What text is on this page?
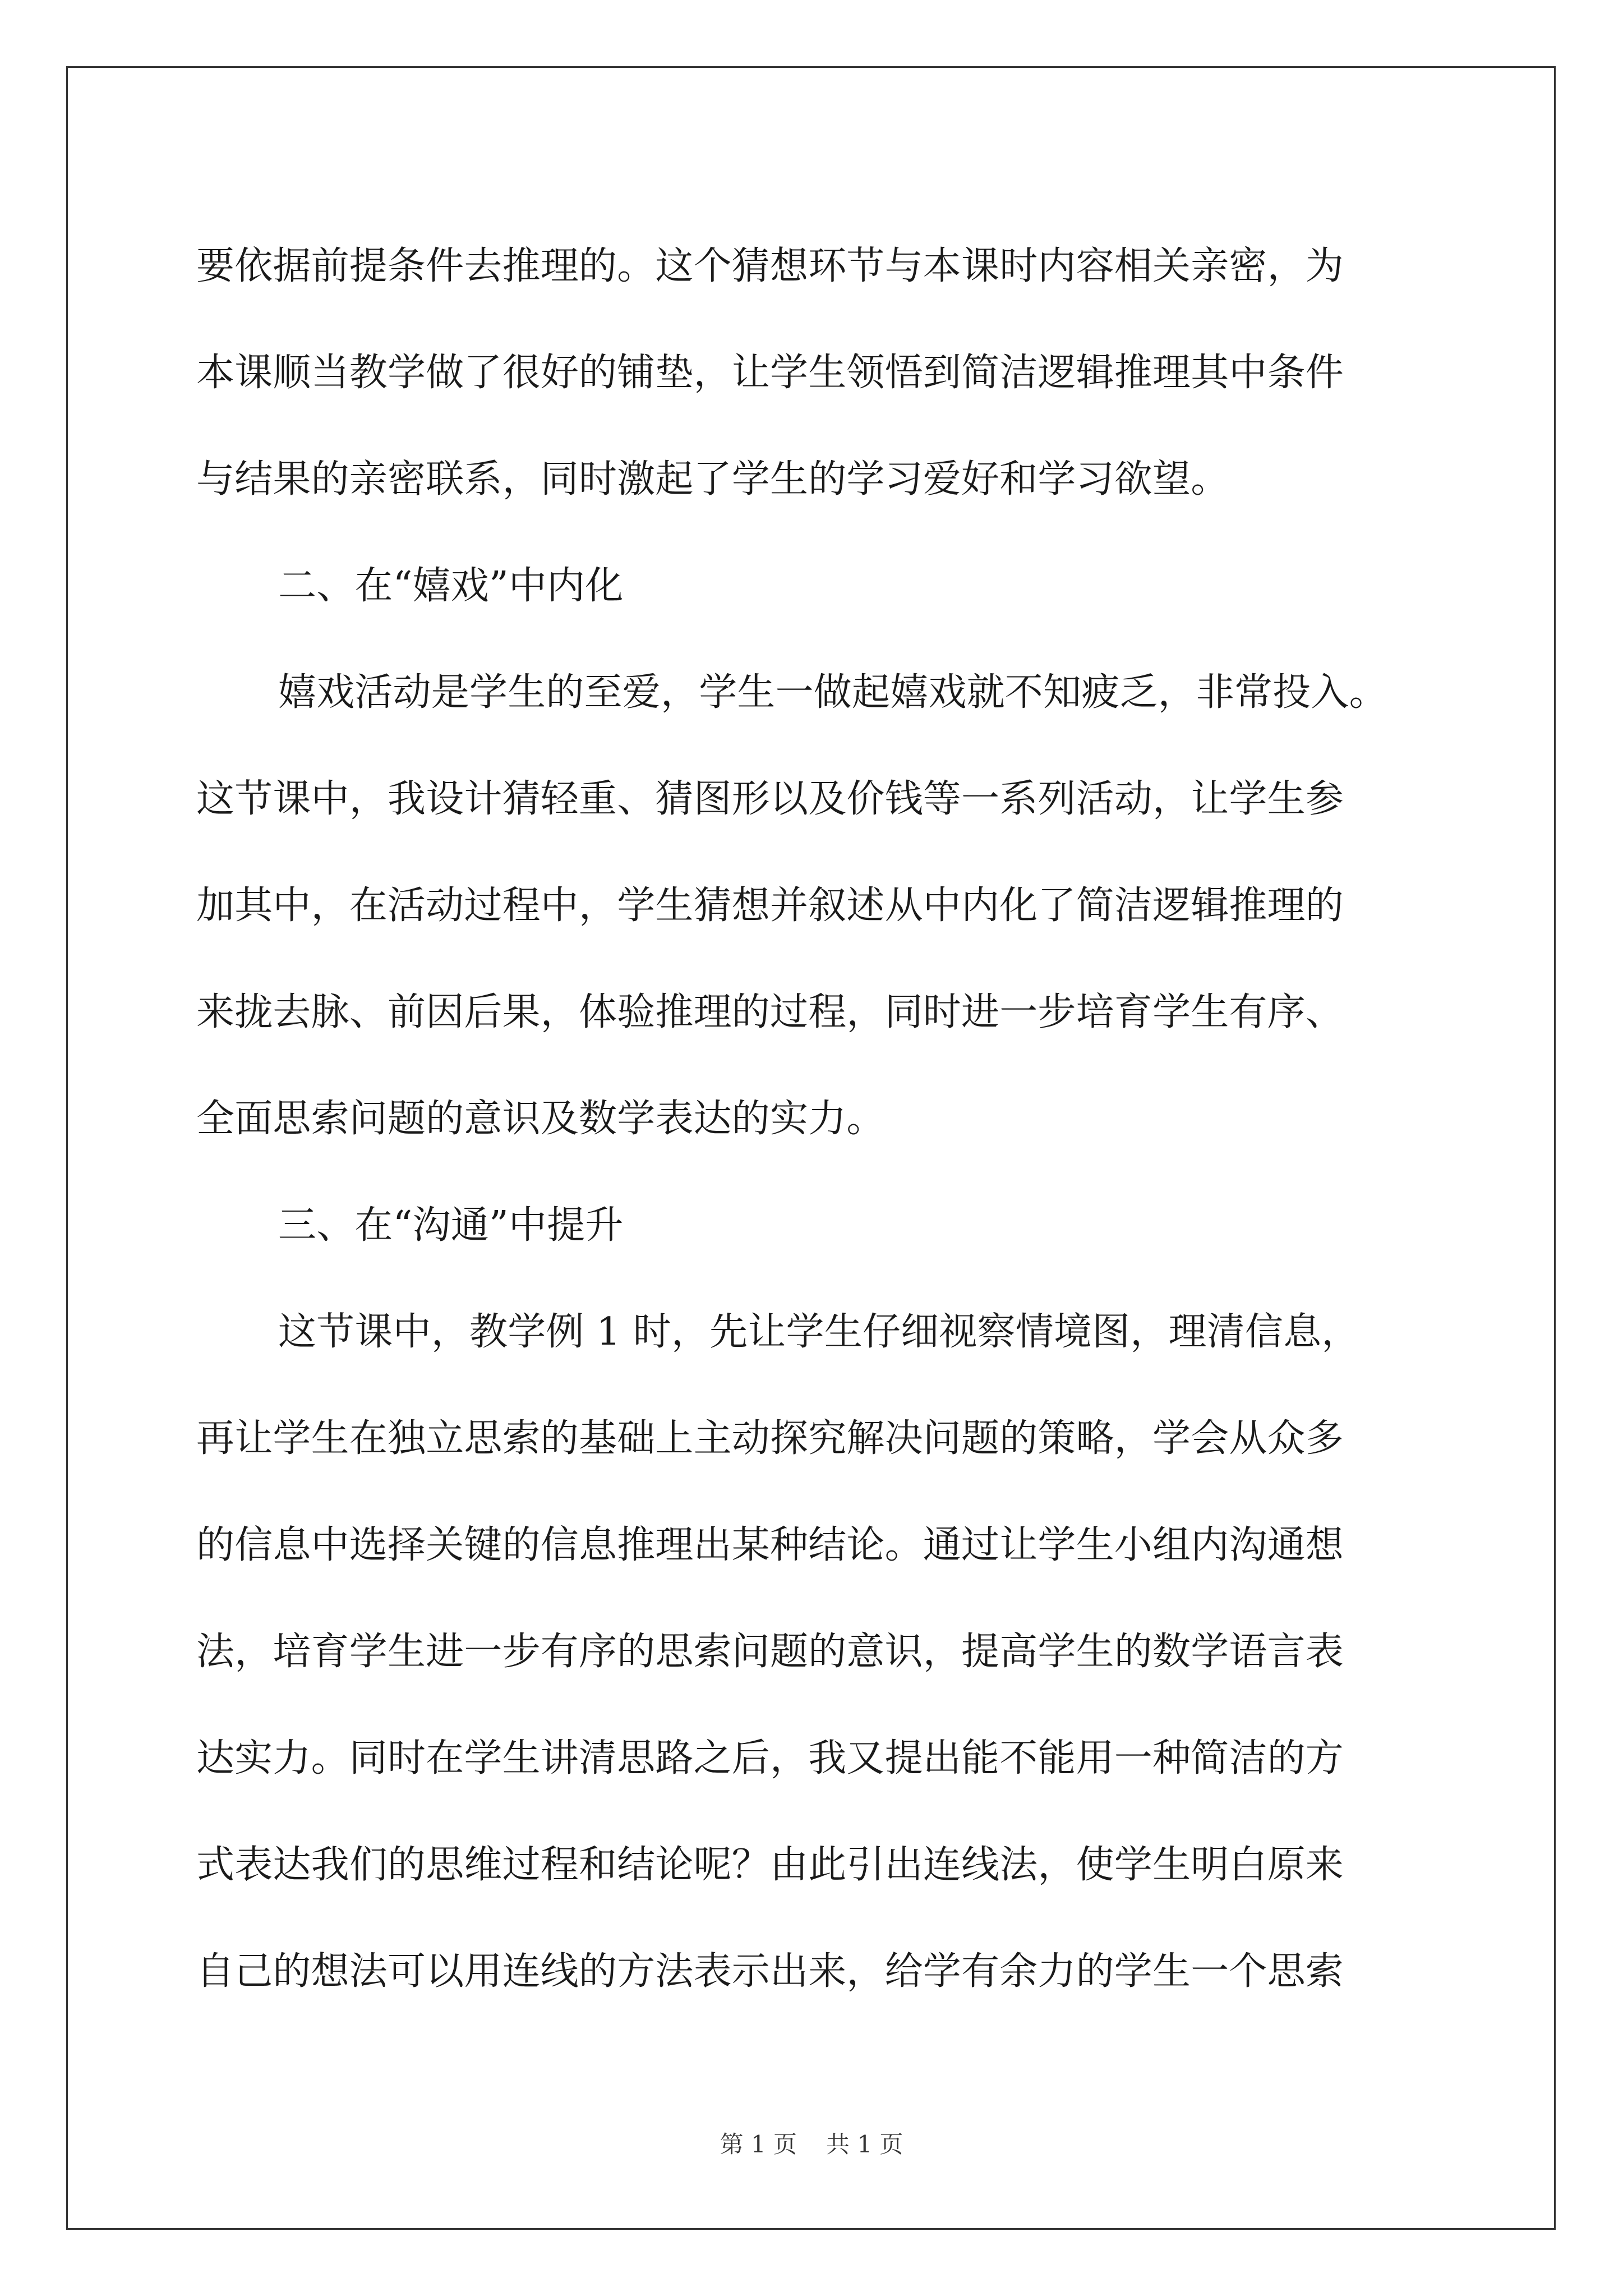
要依据前提条件去推理的。这个猜想环节与本课时内容相关亲密，为
本课顺当教学做了很好的铺垫，让学生领悟到简洁逻辑推理其中条件
与结果的亲密联系，同时激起了学生的学习爱好和学习欲望。
二、在“嬉戏”中内化
嬉戏活动是学生的至爱，学生一做起嬉戏就不知疲乏，非常投入。
这节课中，我设计猜轻重、猜图形以及价钱等一系列活动，让学生参
加其中，在活动过程中，学生猜想并叙述从中内化了简洁逻辑推理的
来拢去脉、前因后果，体验推理的过程，同时进一步培育学生有序、
全面思索问题的意识及数学表达的实力。
三、在“沟通”中提升
这节课中，教学例 1 时，先让学生仔细视察情境图，理清信息，
再让学生在独立思索的基础上主动探究解决问题的策略，学会从众多
的信息中选择关键的信息推理出某种结论。通过让学生小组内沟通想
法，培育学生进一步有序的思索问题的意识，提高学生的数学语言表
达实力。同时在学生讲清思路之后，我又提出能不能用一种简洁的方
式表达我们的思维过程和结论呢？由此引出连线法，使学生明白原来
自己的想法可以用连线的方法表示出来，给学有余力的学生一个思索
第 1 页 共 1 页
